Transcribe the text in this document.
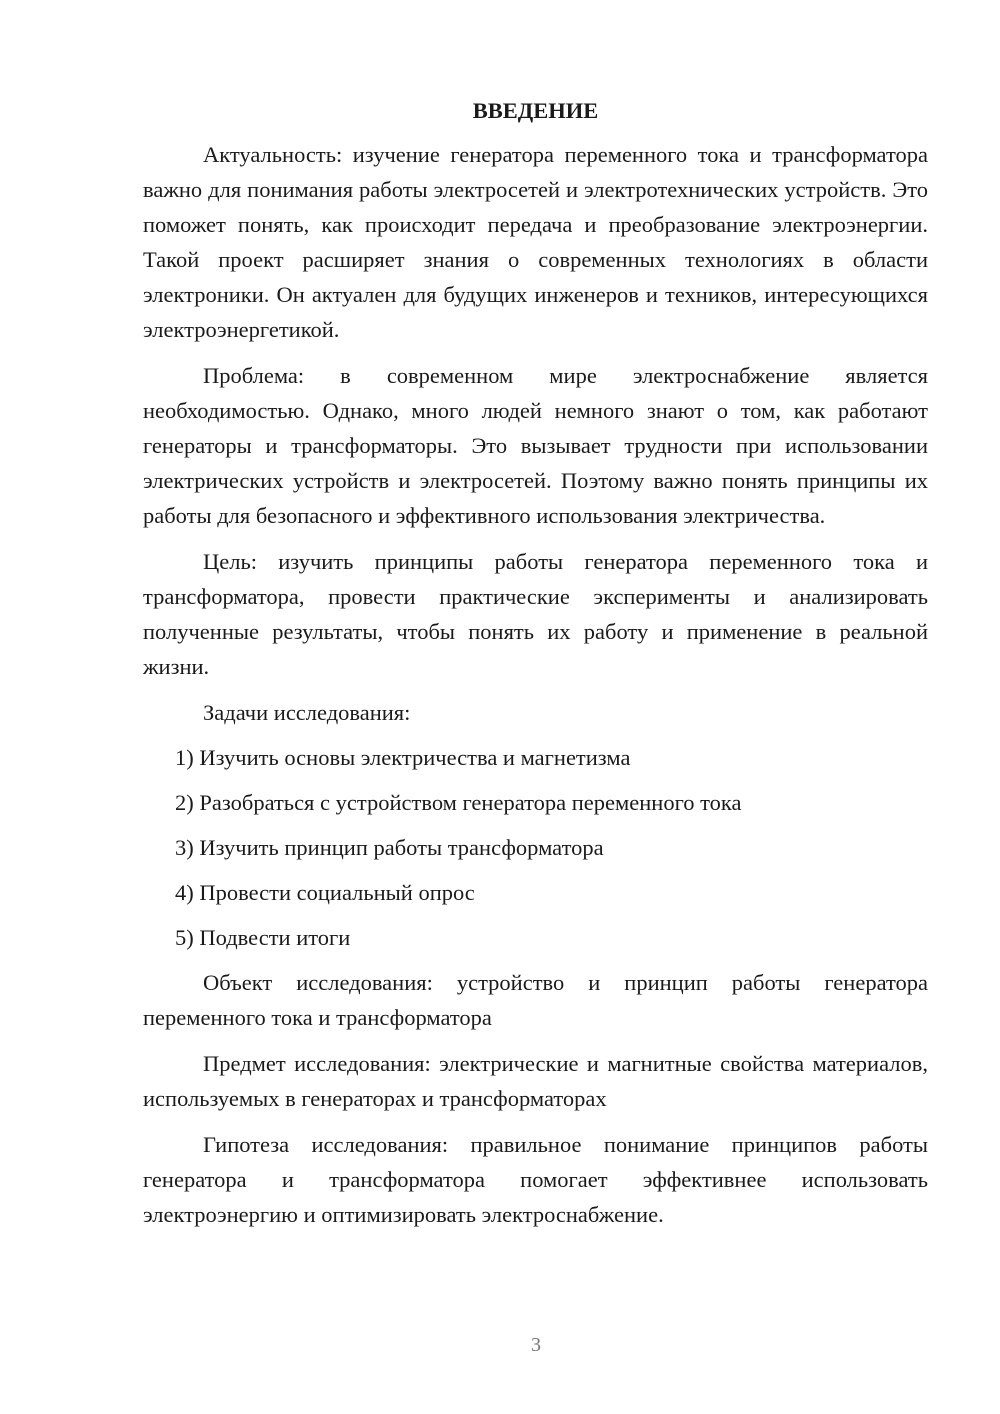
ВВЕДЕНИЕ

Актуальность: изучение генератора переменного тока и трансформатора важно для понимания работы электросетей и электротехнических устройств. Это поможет понять, как происходит передача и преобразование электроэнергии. Такой проект расширяет знания о современных технологиях в области электроники. Он актуален для будущих инженеров и техников, интересующихся электроэнергетикой.

Проблема: в современном мире электроснабжение является необходимостью. Однако, много людей немного знают о том, как работают генераторы и трансформаторы. Это вызывает трудности при использовании электрических устройств и электросетей. Поэтому важно понять принципы их работы для безопасного и эффективного использования электричества.

Цель: изучить принципы работы генератора переменного тока и трансформатора, провести практические эксперименты и анализировать полученные результаты, чтобы понять их работу и применение в реальной жизни.

Задачи исследования:
1) Изучить основы электричества и магнетизма
2) Разобраться с устройством генератора переменного тока
3) Изучить принцип работы трансформатора
4) Провести социальный опрос
5) Подвести итоги

Объект исследования: устройство и принцип работы генератора переменного тока и трансформатора

Предмет исследования: электрические и магнитные свойства материалов, используемых в генераторах и трансформаторах

Гипотеза исследования: правильное понимание принципов работы генератора и трансформатора помогает эффективнее использовать электроэнергию и оптимизировать электроснабжение.

3
